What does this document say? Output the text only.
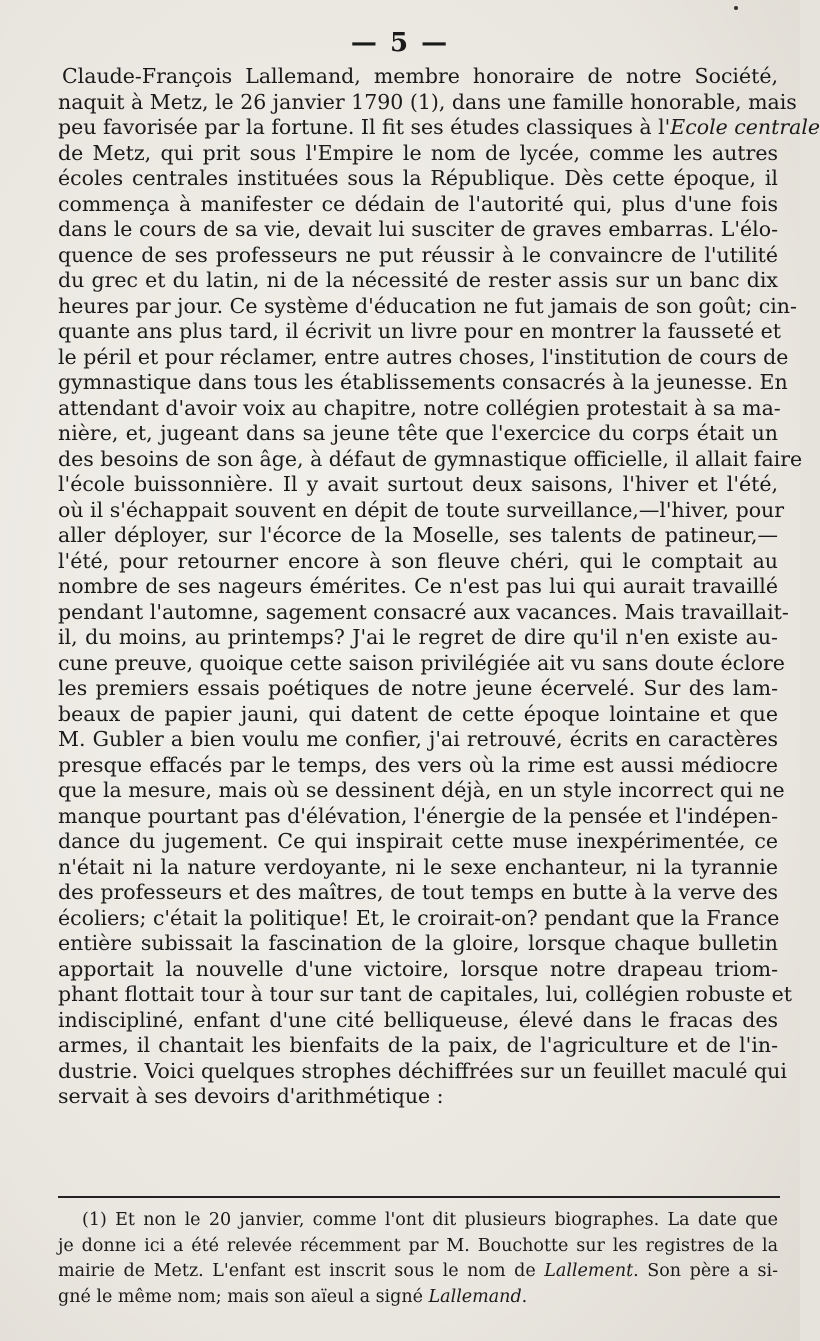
— 5 —
Claude-François Lallemand, membre honoraire de notre Société,
naquit à Metz, le 26 janvier 1790 (1), dans une famille honorable, mais
peu favorisée par la fortune. Il fit ses études classiques à l'Ecole centrale
de Metz, qui prit sous l'Empire le nom de lycée, comme les autres
écoles centrales instituées sous la République. Dès cette époque, il
commença à manifester ce dédain de l'autorité qui, plus d'une fois
dans le cours de sa vie, devait lui susciter de graves embarras. L'élo-
quence de ses professeurs ne put réussir à le convaincre de l'utilité
du grec et du latin, ni de la nécessité de rester assis sur un banc dix
heures par jour. Ce système d'éducation ne fut jamais de son goût; cin-
quante ans plus tard, il écrivit un livre pour en montrer la fausseté et
le péril et pour réclamer, entre autres choses, l'institution de cours de
gymnastique dans tous les établissements consacrés à la jeunesse. En
attendant d'avoir voix au chapitre, notre collégien protestait à sa ma-
nière, et, jugeant dans sa jeune tête que l'exercice du corps était un
des besoins de son âge, à défaut de gymnastique officielle, il allait faire
l'école buissonnière. Il y avait surtout deux saisons, l'hiver et l'été,
où il s'échappait souvent en dépit de toute surveillance,—l'hiver, pour
aller déployer, sur l'écorce de la Moselle, ses talents de patineur,—
l'été, pour retourner encore à son fleuve chéri, qui le comptait au
nombre de ses nageurs émérites. Ce n'est pas lui qui aurait travaillé
pendant l'automne, sagement consacré aux vacances. Mais travaillait-
il, du moins, au printemps? J'ai le regret de dire qu'il n'en existe au-
cune preuve, quoique cette saison privilégiée ait vu sans doute éclore
les premiers essais poétiques de notre jeune écervelé. Sur des lam-
beaux de papier jauni, qui datent de cette époque lointaine et que
M. Gubler a bien voulu me confier, j'ai retrouvé, écrits en caractères
presque effacés par le temps, des vers où la rime est aussi médiocre
que la mesure, mais où se dessinent déjà, en un style incorrect qui ne
manque pourtant pas d'élévation, l'énergie de la pensée et l'indépen-
dance du jugement. Ce qui inspirait cette muse inexpérimentée, ce
n'était ni la nature verdoyante, ni le sexe enchanteur, ni la tyrannie
des professeurs et des maîtres, de tout temps en butte à la verve des
écoliers; c'était la politique! Et, le croirait-on? pendant que la France
entière subissait la fascination de la gloire, lorsque chaque bulletin
apportait la nouvelle d'une victoire, lorsque notre drapeau triom-
phant flottait tour à tour sur tant de capitales, lui, collégien robuste et
indiscipliné, enfant d'une cité belliqueuse, élevé dans le fracas des
armes, il chantait les bienfaits de la paix, de l'agriculture et de l'in-
dustrie. Voici quelques strophes déchiffrées sur un feuillet maculé qui
servait à ses devoirs d'arithmétique :
(1) Et non le 20 janvier, comme l'ont dit plusieurs biographes. La date que
je donne ici a été relevée récemment par M. Bouchotte sur les registres de la
mairie de Metz. L'enfant est inscrit sous le nom de Lallement. Son père a si-
gné le même nom; mais son aïeul a signé Lallemand.
